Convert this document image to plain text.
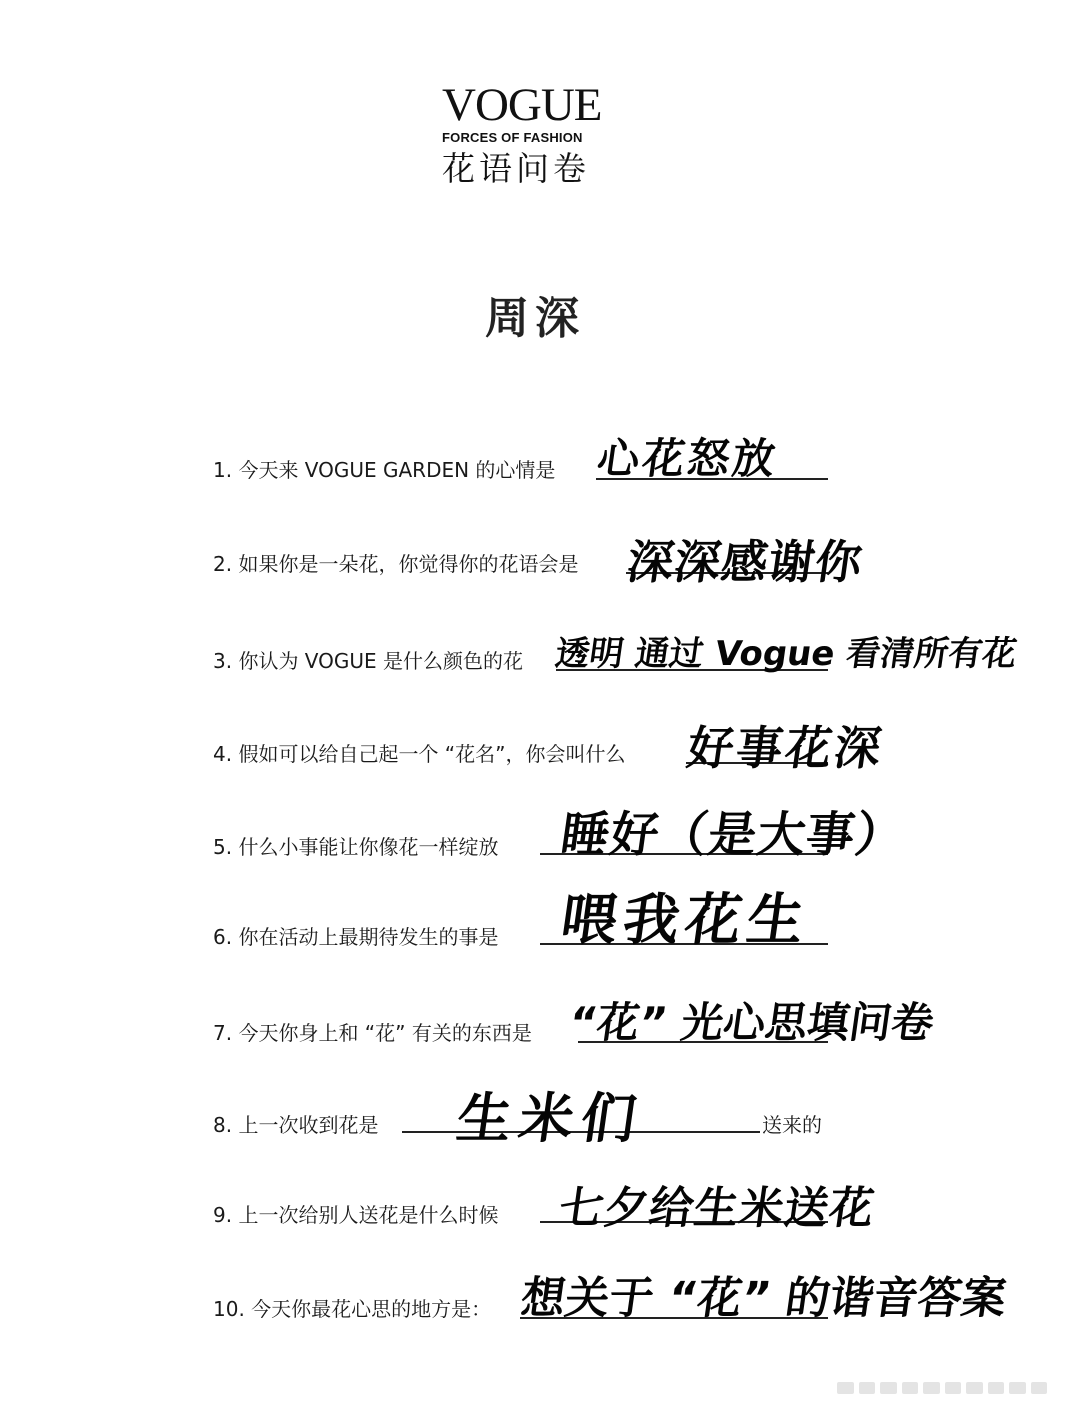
VOGUE
FORCES OF FASHION
花语问卷
周深
1. 今天来 VOGUE GARDEN 的心情是 心花怒放
2. 如果你是一朵花，你觉得你的花语会是 深深感谢你
3. 你认为 VOGUE 是什么颜色的花 透明 通过 Vogue 看清所有花
4. 假如可以给自己起一个 “花名”，你会叫什么 好事花深
5. 什么小事能让你像花一样绽放 睡好（是大事）
6. 你在活动上最期待发生的事是 喂我花生
7. 今天你身上和 “花” 有关的东西是 “花” 光心思填问卷
8. 上一次收到花是 生米们	送来的
9. 上一次给别人送花是什么时候 七夕给生米送花
10. 今天你最花心思的地方是： 想关于 “花” 的谐音答案
